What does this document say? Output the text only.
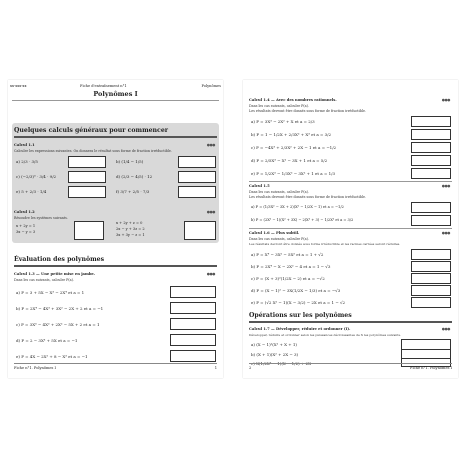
xx-xxx-xx	Fiche d'entraînement n°1	Polynômes
Polynômes I
Quelques calculs généraux pour commencer
Calcul 1.1	●●●
Calculer les expressions suivantes. On donnera le résultat sous forme de fraction irréductible.
a) 2/3 · 3/5	b) (1/4 − 1/5)
c) (−2/3)³ · 3/4 · 9/2	d) (2/3 − 4/5) · 12
e) 5 + 2/3 · 1/4	f) 3/7 + 2/5 · 7/3
Calcul 1.2	●●●
Résoudre les systèmes suivants.
x + 2y = 1
3x − y = 3
x + 2y + z = 0
2x − y + 3z = 2
3x + 3y − z = 1
Évaluation des polynômes
Calcul 1.3 — Une petite mise en jambe.	●●●
Dans les cas suivants, calculer P(a).
a) P = 3 + 5X − X³ − 2X⁴ et a = 1
b) P = 2X⁴ − 4X³ + 3X² − 2X + 2 et a = −1
c) P = 3X³ − 4X² + 2X² − 5X + 2 et a = 1
d) P = 2 − 3X³ + 5X et a = −1
e) P = 4X − 2X² + 8 − X³ et a = −1
Fiche n°1. Polynômes I	1
Calcul 1.4 — Avec des nombres rationnels.	●●●
Dans les cas suivants, calculer P(a).
Les résultats devront être donnés sous forme de fraction irréductible.
a) P = 3X³ − 2X² + X et a = 2/3
b) P = 1 − 1/2X + 2/3X² + X³ et a = 3/2
c) P = −4X³ + 2/3X² + 2X − 1 et a = −1/2
d) P = 2/5X³ − X² − 3X + 1 et a = 5/2
e) P = 1/2X³ − 1/3X² − 3X² + 1 et a = 1/3
Calcul 1.5	●●●
Dans les cas suivants, calculer P(a).
Les résultats devront être donnés sous forme de fraction irréductible.
a) P = (1/3X² − 3X + 2)(X² − 1/2X − 1) et a = −1/2
b) P = (2X² − 1)(X² + 3X) − 2(X² + 3) − 1/2X² et a = 3/2
Calcul 1.6 — Plus subtil.	●●●
Dans les cas suivants, calculer P(a).
Les résultats devront être donnés sous forme irréductible et les racines carrées seront réduites.
a) P = X⁴ − 3X² − 5X² et a = 1 + √2
b) P = 2X⁴ − X − 2X² − 4 et a = 1 − √3
c) P = (X + 3)²(1/2X − 2) et a = −√2
d) P = (X − 1)² − 3X(1/2X − 1/3) et a = −√3
e) P = (√2 X² − 1)(X − 3/2) − 2X et a = 1 − √2
Opérations sur les polynômes
Calcul 1.7 — Développer, réduire et ordonner (I).	●●●
Développer, réduire et ordonner selon les puissances décroissantes de X les polynômes suivants.
a) (X − 1)²(X² + X + 1)
b) (X + 1)(X² + 2X − 3)
c) X(1/2X³ − 1)(X − 1/2) + 2X
2	Fiche n°1. Polynômes I
